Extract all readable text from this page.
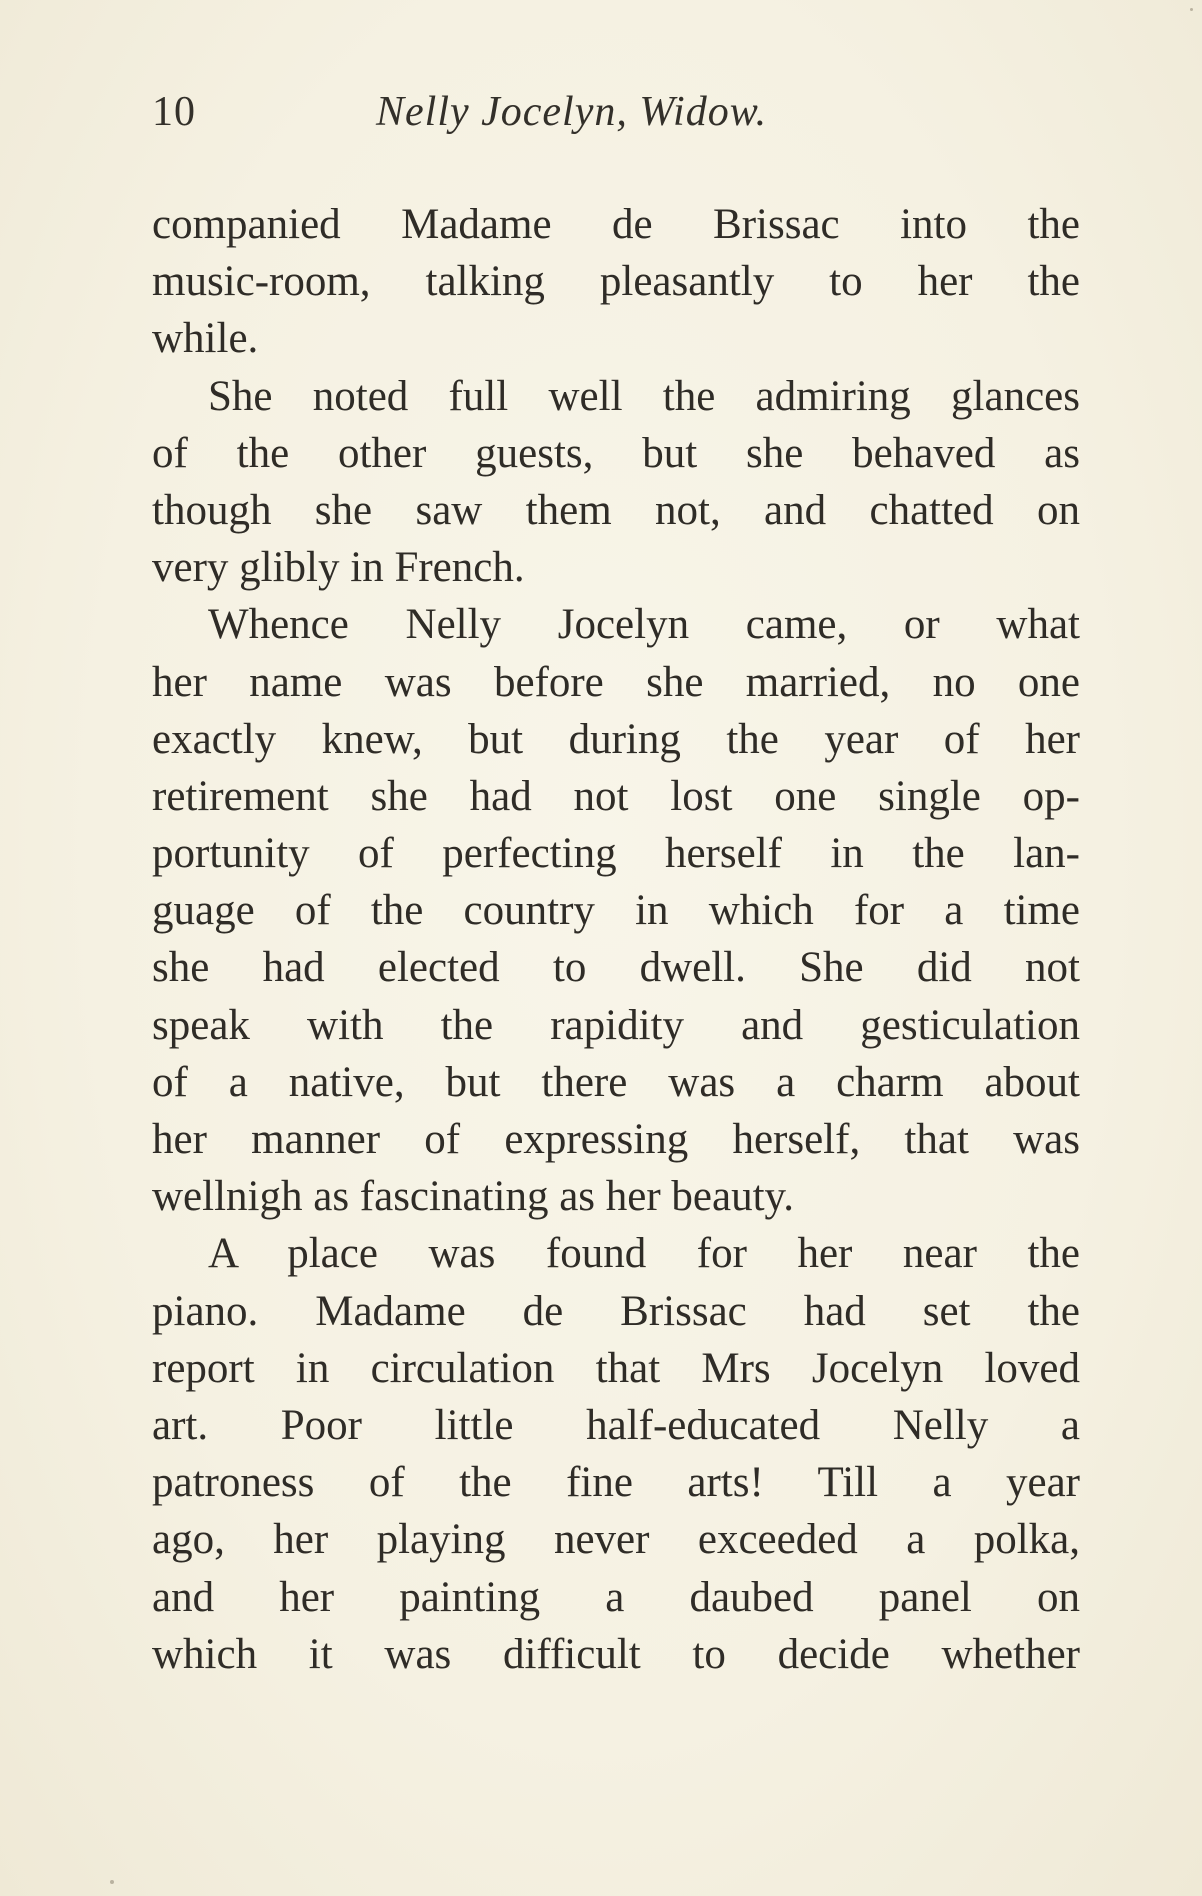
10	Nelly Jocelyn, Widow.
companied Madame de Brissac into the
music-room, talking pleasantly to her the
while.
She noted full well the admiring glances
of the other guests, but she behaved as
though she saw them not, and chatted on
very glibly in French.
Whence Nelly Jocelyn came, or what
her name was before she married, no one
exactly knew, but during the year of her
retirement she had not lost one single op-
portunity of perfecting herself in the lan-
guage of the country in which for a time
she had elected to dwell. She did not
speak with the rapidity and gesticulation
of a native, but there was a charm about
her manner of expressing herself, that was
wellnigh as fascinating as her beauty.
A place was found for her near the
piano. Madame de Brissac had set the
report in circulation that Mrs Jocelyn loved
art. Poor little half-educated Nelly a
patroness of the fine arts! Till a year
ago, her playing never exceeded a polka,
and her painting a daubed panel on
which it was difficult to decide whether
